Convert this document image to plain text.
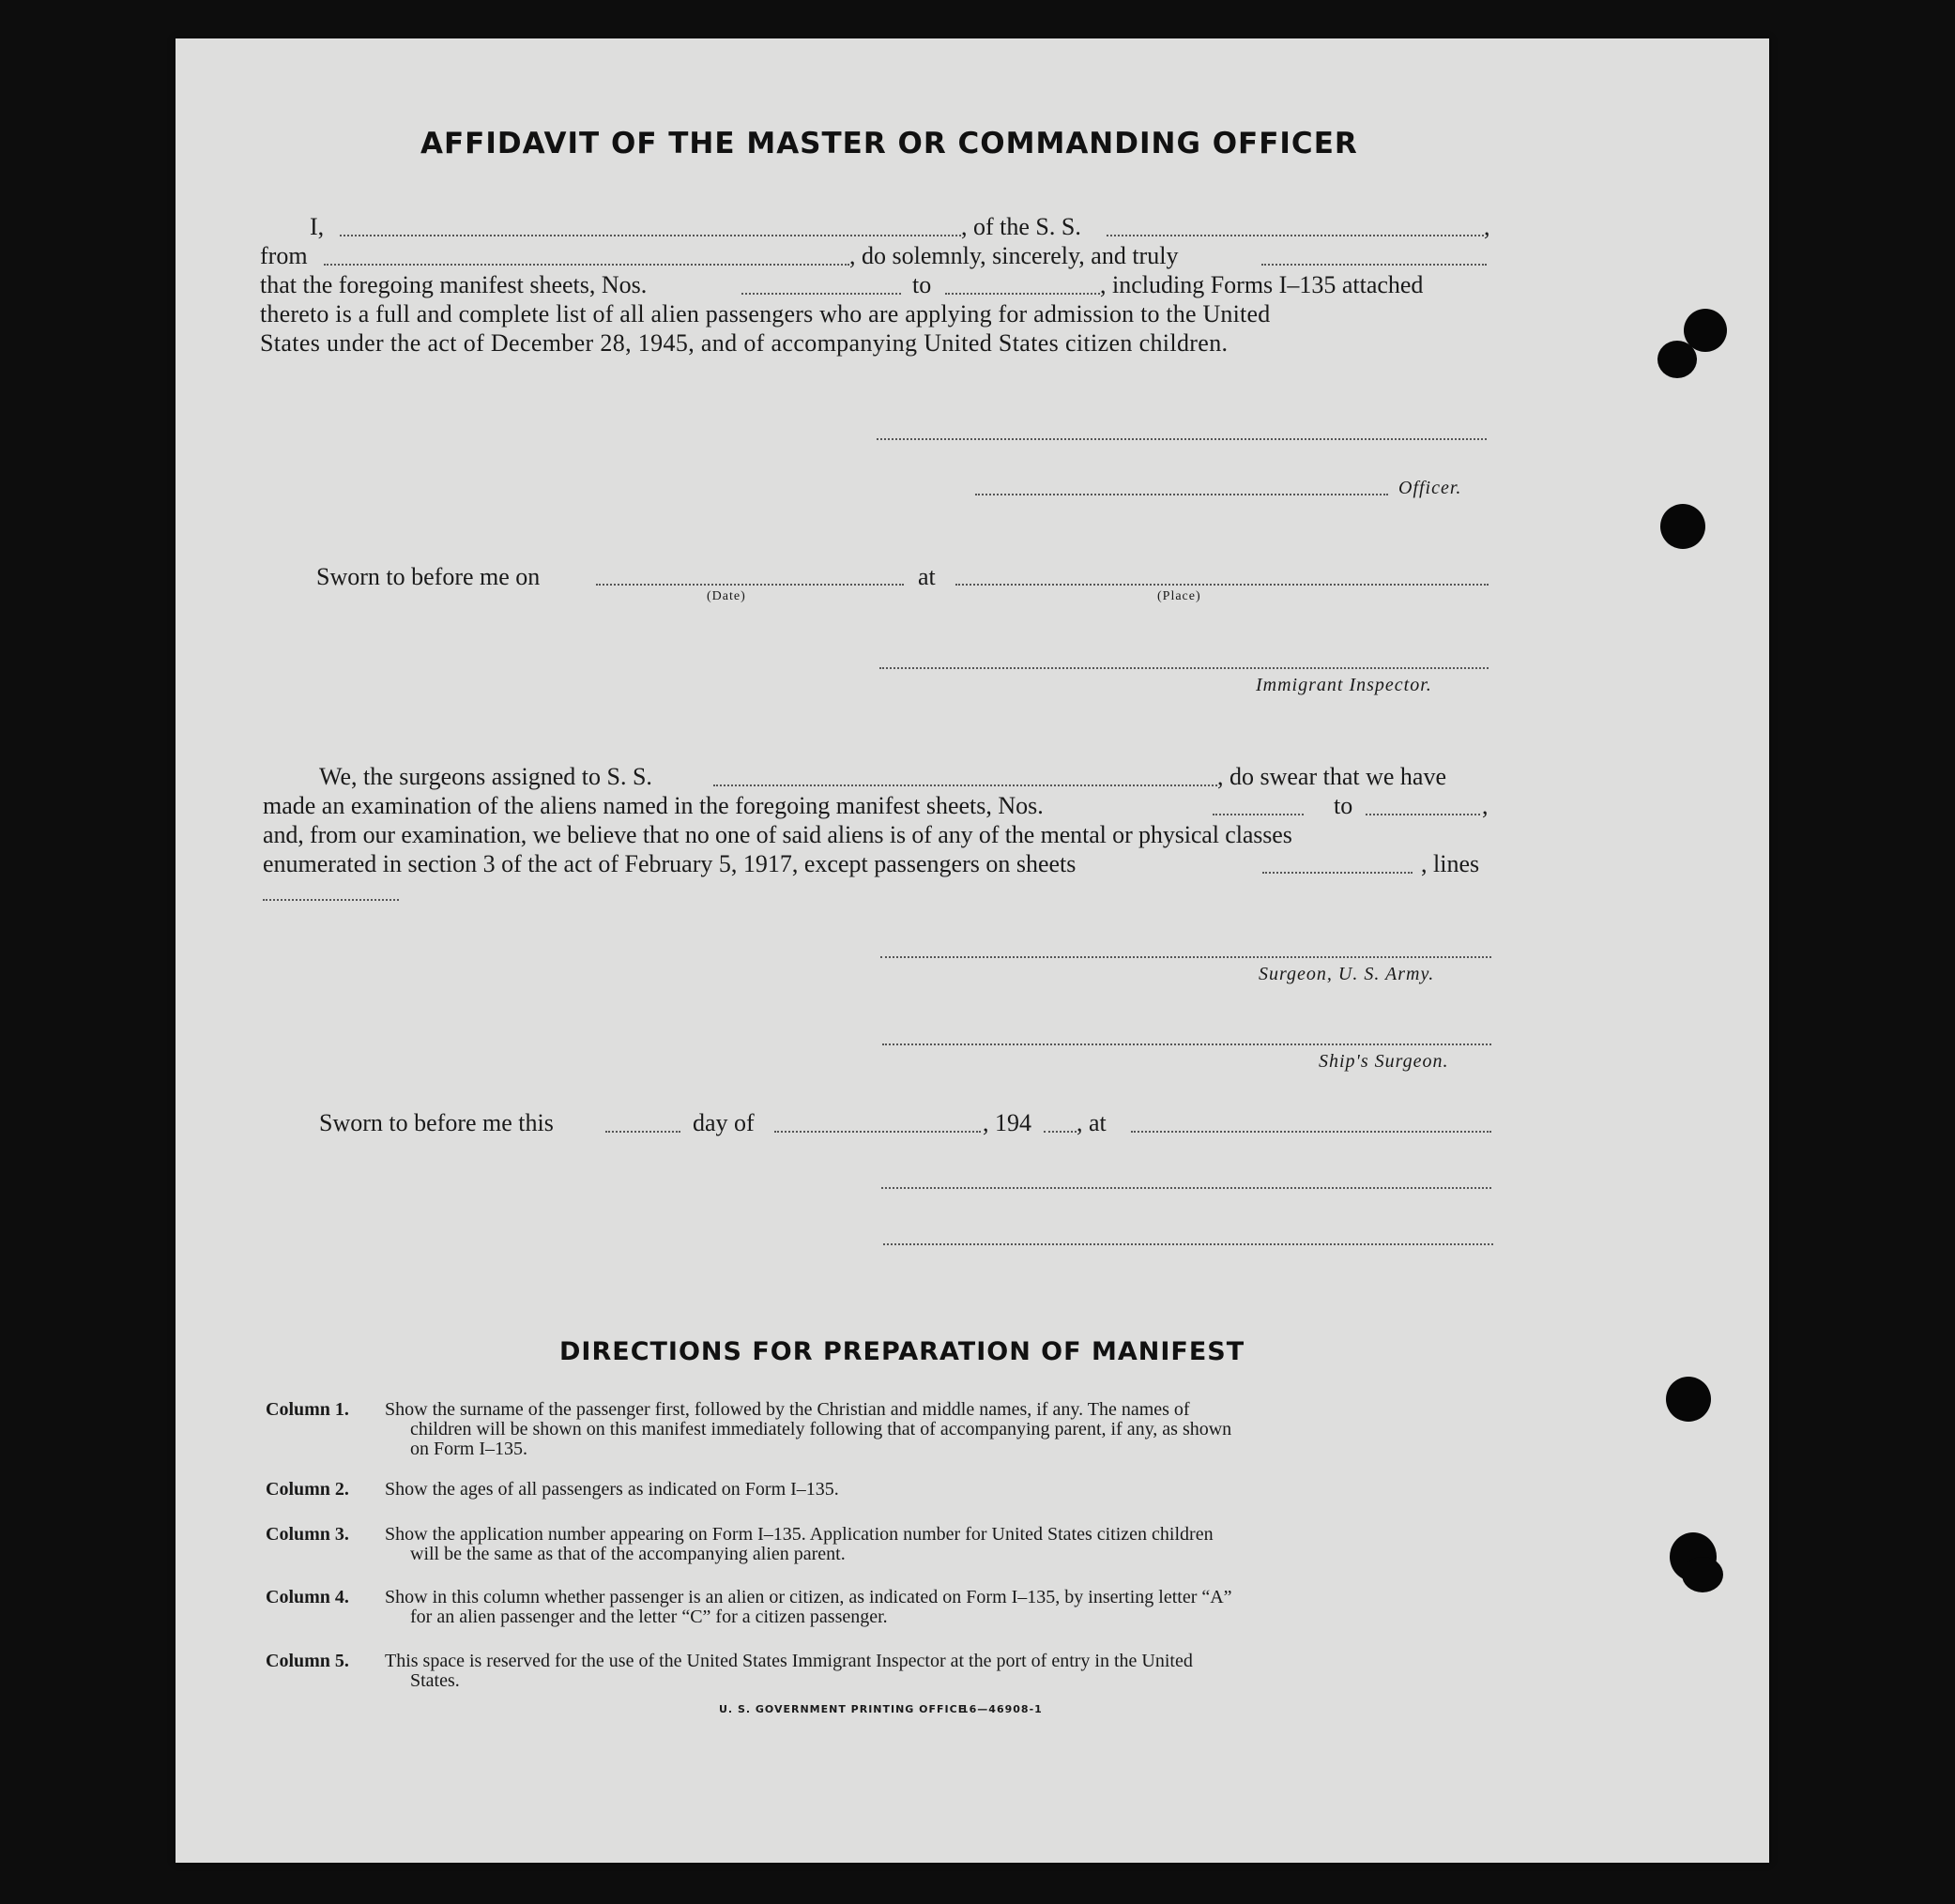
AFFIDAVIT OF THE MASTER OR COMMANDING OFFICER
I,	, of the S. S.	,
from	, do solemnly, sincerely, and truly
that the foregoing manifest sheets, Nos.	to	, including Forms I–135 attached
thereto is a full and complete list of all alien passengers who are applying for admission to the United
States under the act of December 28, 1945, and of accompanying United States citizen children.
Officer.
Sworn to before me on	at
(Date)	(Place)
Immigrant Inspector.
We, the surgeons assigned to S. S.	, do swear that we have
made an examination of the aliens named in the foregoing manifest sheets, Nos.	to	,
and, from our examination, we believe that no one of said aliens is of any of the mental or physical classes
enumerated in section 3 of the act of February 5, 1917, except passengers on sheets	, lines
Surgeon, U. S. Army.
Ship's Surgeon.
Sworn to before me this	day of	, 194 , at
DIRECTIONS FOR PREPARATION OF MANIFEST
Column 1. Show the surname of the passenger first, followed by the Christian and middle names, if any. The names of
children will be shown on this manifest immediately following that of accompanying parent, if any, as shown
on Form I–135.
Column 2. Show the ages of all passengers as indicated on Form I–135.
Column 3. Show the application number appearing on Form I–135. Application number for United States citizen children
will be the same as that of the accompanying alien parent.
Column 4. Show in this column whether passenger is an alien or citizen, as indicated on Form I–135, by inserting letter “A”
for an alien passenger and the letter “C” for a citizen passenger.
Column 5. This space is reserved for the use of the United States Immigrant Inspector at the port of entry in the United
States.
U. S. GOVERNMENT PRINTING OFFICE
16—46908-1
